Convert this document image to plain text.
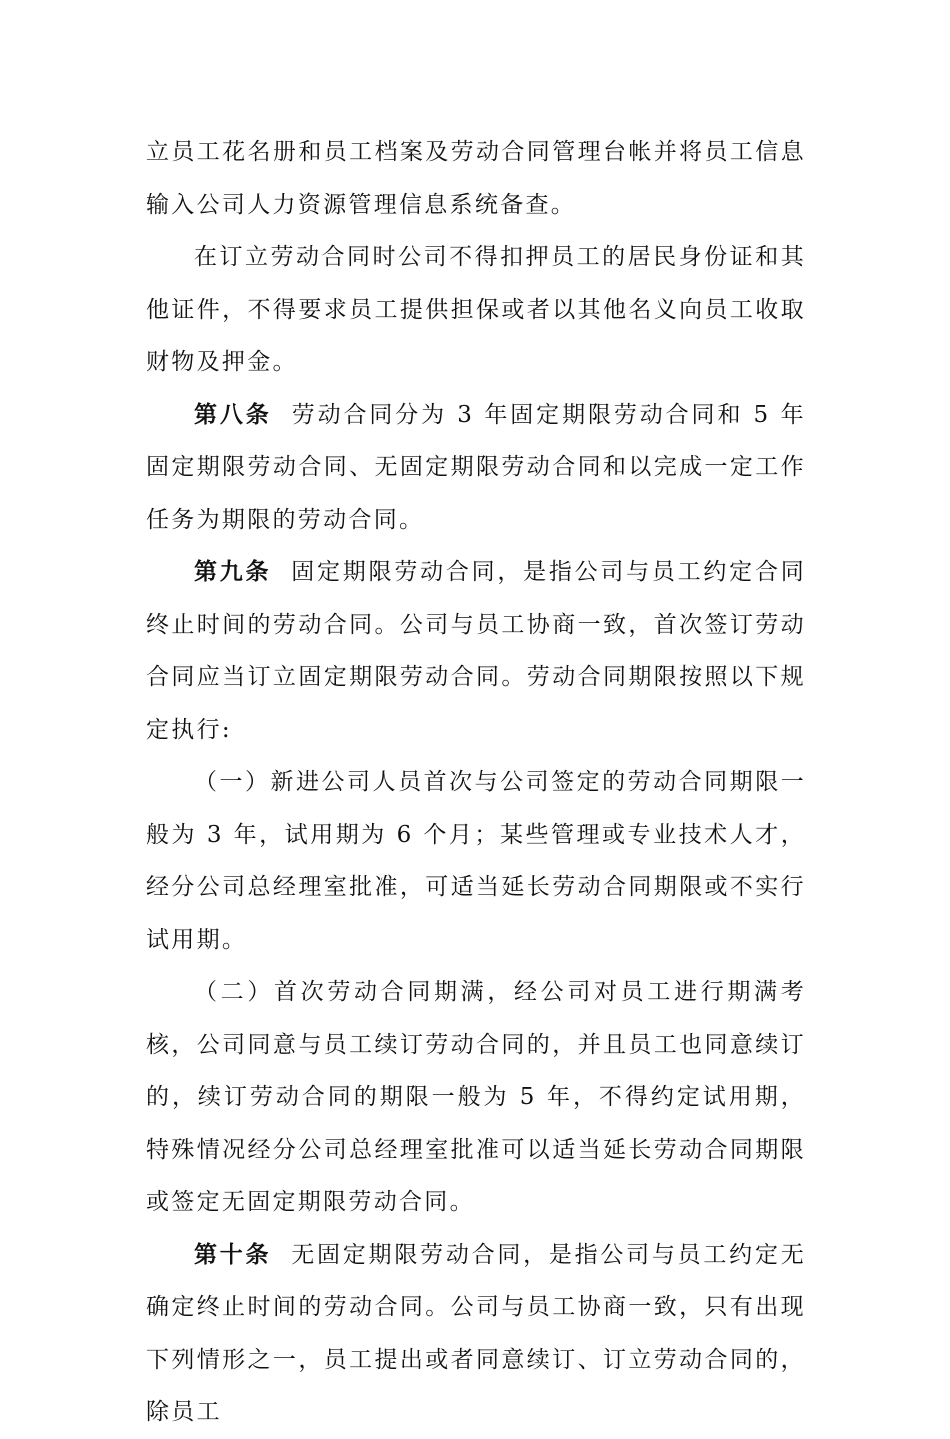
立员工花名册和员工档案及劳动合同管理台帐并将员工信息输入公司人力资源管理信息系统备查。

在订立劳动合同时公司不得扣押员工的居民身份证和其他证件，不得要求员工提供担保或者以其他名义向员工收取财物及押金。

第八条 劳动合同分为 3 年固定期限劳动合同和 5 年固定期限劳动合同、无固定期限劳动合同和以完成一定工作任务为期限的劳动合同。

第九条 固定期限劳动合同，是指公司与员工约定合同终止时间的劳动合同。公司与员工协商一致，首次签订劳动合同应当订立固定期限劳动合同。劳动合同期限按照以下规定执行:

（一）新进公司人员首次与公司签定的劳动合同期限一般为 3 年，试用期为 6 个月；某些管理或专业技术人才，经分公司总经理室批准，可适当延长劳动合同期限或不实行试用期。

（二）首次劳动合同期满，经公司对员工进行期满考核，公司同意与员工续订劳动合同的，并且员工也同意续订的，续订劳动合同的期限一般为 5 年，不得约定试用期，特殊情况经分公司总经理室批准可以适当延长劳动合同期限或签定无固定期限劳动合同。

第十条 无固定期限劳动合同，是指公司与员工约定无确定终止时间的劳动合同。公司与员工协商一致，只有出现下列情形之一，员工提出或者同意续订、订立劳动合同的，除员工
